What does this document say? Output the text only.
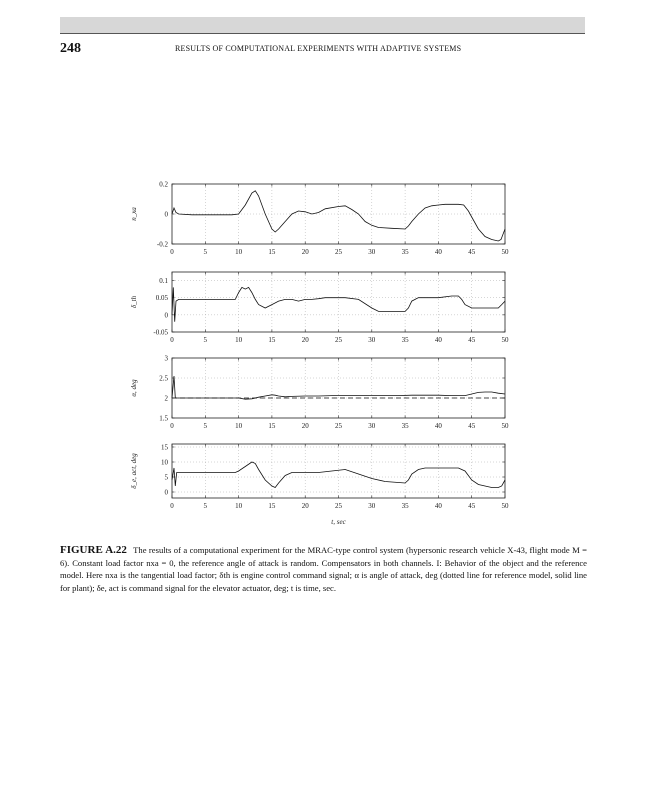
248	RESULTS OF COMPUTATIONAL EXPERIMENTS WITH ADAPTIVE SYSTEMS
0	5	10	15	20	25	30	35	40	45	50
0.2
0
-0.2
n_xa
0	5	10	15	20	25	30	35	40	45	50
0.1
0.05
0
-0.05
δ_th
0	5	10	15	20	25	30	35	40	45	50
3
2.5
2
1.5
α, deg
0	5	10	15	20	25	30	35	40	45	50
15
10
5
0
δ_e, act, deg
t, sec
FIGURE A.22 The results of a computational experiment for the MRAC-type control system (hypersonic research vehicle X-43, flight mode M = 6). Constant load factor nxa = 0, the reference angle of attack is random. Compensators in both channels. I: Behavior of the object and the reference model. Here nxa is the tangential load factor; δth is engine control command signal; α is angle of attack, deg (dotted line for reference model, solid line for plant); δe, act is command signal for the elevator actuator, deg; t is time, sec.
